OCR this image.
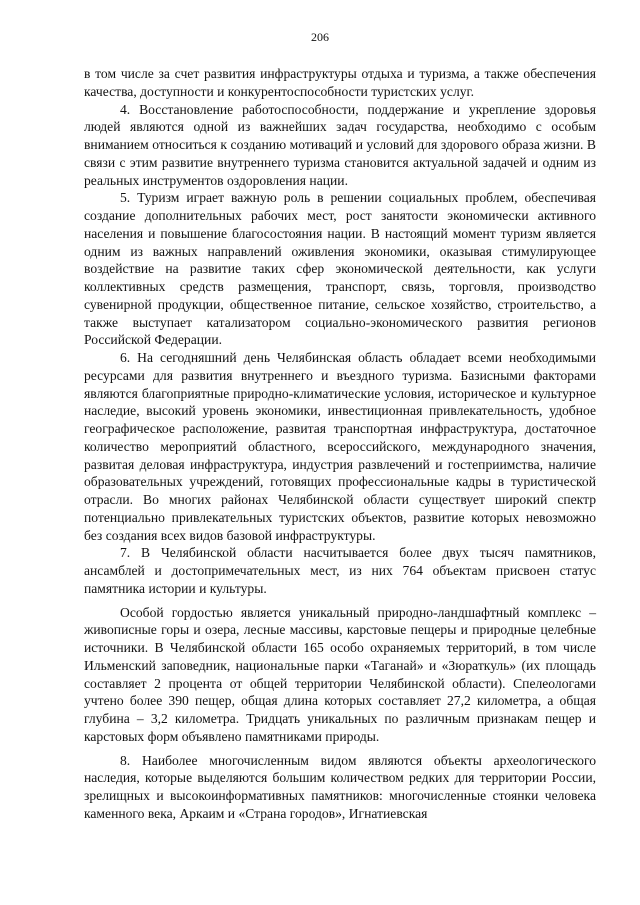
206

в том числе за счет развития инфраструктуры отдыха и туризма, а также обеспечения качества, доступности и конкурентоспособности туристских услуг.

4. Восстановление работоспособности, поддержание и укрепление здоровья людей являются одной из важнейших задач государства, необходимо с особым вниманием относиться к созданию мотиваций и условий для здорового образа жизни. В связи с этим развитие внутреннего туризма становится актуальной задачей и одним из реальных инструментов оздоровления нации.

5. Туризм играет важную роль в решении социальных проблем, обеспечивая создание дополнительных рабочих мест, рост занятости экономически активного населения и повышение благосостояния нации. В настоящий момент туризм является одним из важных направлений оживления экономики, оказывая стимулирующее воздействие на развитие таких сфер экономической деятельности, как услуги коллективных средств размещения, транспорт, связь, торговля, производство сувенирной продукции, общественное питание, сельское хозяйство, строительство, а также выступает катализатором социально-экономического развития регионов Российской Федерации.

6. На сегодняшний день Челябинская область обладает всеми необходимыми ресурсами для развития внутреннего и въездного туризма. Базисными факторами являются благоприятные природно-климатические условия, историческое и культурное наследие, высокий уровень экономики, инвестиционная привлекательность, удобное географическое расположение, развитая транспортная инфраструктура, достаточное количество мероприятий областного, всероссийского, международного значения, развитая деловая инфраструктура, индустрия развлечений и гостеприимства, наличие образовательных учреждений, готовящих профессиональные кадры в туристической отрасли. Во многих районах Челябинской области существует широкий спектр потенциально привлекательных туристских объектов, развитие которых невозможно без создания всех видов базовой инфраструктуры.

7. В Челябинской области насчитывается более двух тысяч памятников, ансамблей и достопримечательных мест, из них 764 объектам присвоен статус памятника истории и культуры.

Особой гордостью является уникальный природно-ландшафтный комплекс – живописные горы и озера, лесные массивы, карстовые пещеры и природные целебные источники. В Челябинской области 165 особо охраняемых территорий, в том числе Ильменский заповедник, национальные парки «Таганай» и «Зюраткуль» (их площадь составляет 2 процента от общей территории Челябинской области). Спелеологами учтено более 390 пещер, общая длина которых составляет 27,2 километра, а общая глубина – 3,2 километра. Тридцать уникальных по различным признакам пещер и карстовых форм объявлено памятниками природы.

8. Наиболее многочисленным видом являются объекты археологического наследия, которые выделяются большим количеством редких для территории России, зрелищных и высокоинформативных памятников: многочисленные стоянки человека каменного века, Аркаим и «Страна городов», Игнатиевская
